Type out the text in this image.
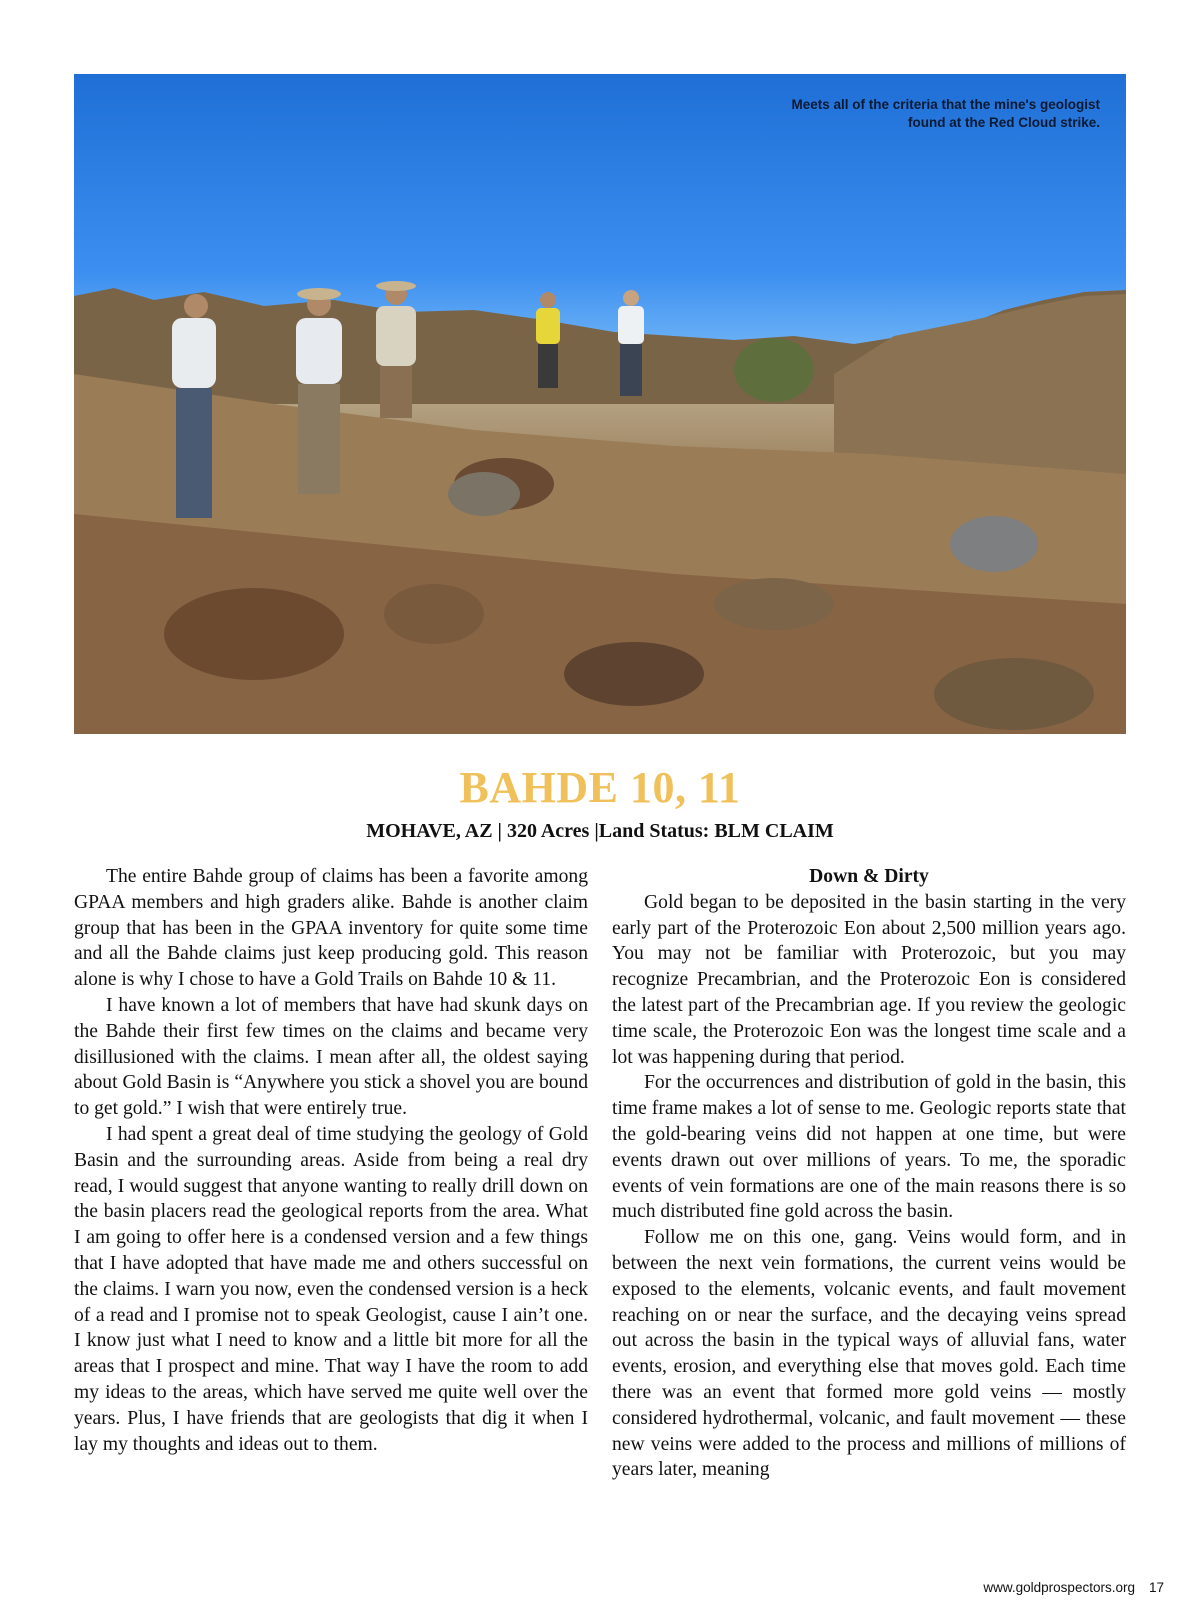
Meets all of the criteria that the mine's geologist found at the Red Cloud strike.
BAHDE 10, 11
MOHAVE, AZ | 320 Acres |Land Status: BLM CLAIM

The entire Bahde group of claims has been a favorite among GPAA members and high graders alike. Bahde is another claim group that has been in the GPAA inventory for quite some time and all the Bahde claims just keep producing gold. This reason alone is why I chose to have a Gold Trails on Bahde 10 & 11.

I have known a lot of members that have had skunk days on the Bahde their first few times on the claims and became very disillusioned with the claims. I mean after all, the oldest saying about Gold Basin is “Anywhere you stick a shovel you are bound to get gold.” I wish that were entirely true.

I had spent a great deal of time studying the geology of Gold Basin and the surrounding areas. Aside from being a real dry read, I would suggest that anyone wanting to really drill down on the basin placers read the geological reports from the area. What I am going to offer here is a condensed version and a few things that I have adopted that have made me and others successful on the claims. I warn you now, even the condensed version is a heck of a read and I promise not to speak Geologist, cause I ain’t one. I know just what I need to know and a little bit more for all the areas that I prospect and mine. That way I have the room to add my ideas to the areas, which have served me quite well over the years. Plus, I have friends that are geologists that dig it when I lay my thoughts and ideas out to them.

Down & Dirty

Gold began to be deposited in the basin starting in the very early part of the Proterozoic Eon about 2,500 million years ago. You may not be familiar with Proterozoic, but you may recognize Precambrian, and the Proterozoic Eon is considered the latest part of the Precambrian age. If you review the geologic time scale, the Proterozoic Eon was the longest time scale and a lot was happening during that period.

For the occurrences and distribution of gold in the basin, this time frame makes a lot of sense to me. Geologic reports state that the gold-bearing veins did not happen at one time, but were events drawn out over millions of years. To me, the sporadic events of vein formations are one of the main reasons there is so much distributed fine gold across the basin.

Follow me on this one, gang. Veins would form, and in between the next vein formations, the current veins would be exposed to the elements, volcanic events, and fault movement reaching on or near the surface, and the decaying veins spread out across the basin in the typical ways of alluvial fans, water events, erosion, and everything else that moves gold. Each time there was an event that formed more gold veins — mostly considered hydrothermal, volcanic, and fault movement — these new veins were added to the process and millions of millions of years later, meaning

www.goldprospectors.org 17
